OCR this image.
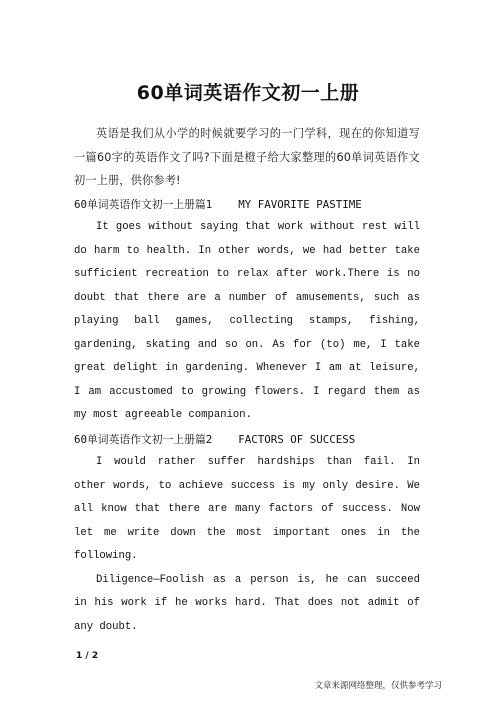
60单词英语作文初一上册

英语是我们从小学的时候就要学习的一门学科，现在的你知道写一篇60字的英语作文了吗?下面是橙子给大家整理的60单词英语作文初一上册，供你参考!

60单词英语作文初一上册篇1    MY FAVORITE PASTIME

It goes without saying that work without rest will do harm to health. In other words, we had better take sufficient recreation to relax after work.There is no doubt that there are a number of amusements, such as playing ball games, collecting stamps, fishing, gardening, skating and so on. As for (to) me, I take great delight in gardening. Whenever I am at leisure, I am accustomed to growing flowers. I regard them as my most agreeable companion.

60单词英语作文初一上册篇2    FACTORS OF SUCCESS

I would rather suffer hardships than fail. In other words, to achieve success is my only desire. We all know that there are many factors of success. Now let me write down the most important ones in the following.

Diligence—Foolish as a person is, he can succeed in his work if he works hard. That does not admit of any doubt.

1 / 2
文章来源网络整理，仅供参考学习
